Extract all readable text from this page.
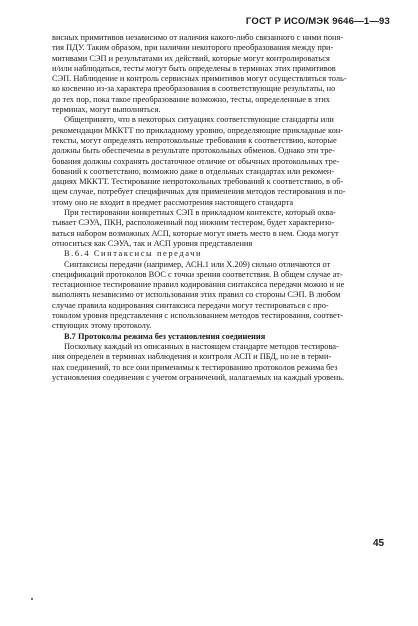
ГОСТ Р ИСО/МЭК 9646—1—93
висных примитивов независимо от наличия какого-либо связанного с ними поня-
тия ПДУ. Таким образом, при наличии некоторого преобразования между при-
митивами СЭП и результатами их действий, которые могут контролироваться
и/или наблюдаться, тесты могут быть определены в терминах этих примитивов
СЭП. Наблюдение и контроль сервисных примитивов могут осуществляться толь-
ко косвенно из-за характера преобразования в соответствующие результаты, но
до тех пор, пока такое преобразование возможно, тесты, определенные в этих
терминах, могут выполняться.
Общепринято, что в некоторых ситуациях соответствующие стандарты или
рекомендации МККТТ по прикладному уровню, определяющие прикладные кон-
тексты, могут определять непротокольные требования к соответствию, которые
должны быть обеспечены в результате протокольных обменов. Однако эти тре-
бования должны сохранять достаточное отличие от обычных протокольных тре-
бований к соответствию, возможно даже в отдельных стандартах или рекомен-
дациях МККТТ. Тестирование непротокольных требований к соответствию, в об-
щем случае, потребует специфичных для применения методов тестирования и по-
этому оно не входит в предмет рассмотрения настоящего стандарта
При тестировании конкретных СЭП в прикладном контексте, который охва-
тывает СЭУА, ПКН, расположенный под нижним тестером, будет характеризо-
ваться набором возможных АСП, которые могут иметь место в нем. Сюда могут
относиться как СЭУА, так и АСП уровня представления
В.6.4 Синтаксисы передачи
Синтаксисы передачи (например, АСН.1 или Х.209) сильно отличаются от
спецификаций протоколов ВОС с точки зрения соответствия. В общем случае ат-
тестационное тестирование правил кодирования синтаксиса передачи можно и не
выполнять независимо от использования этих правил со стороны СЭП. В любом
случае правила кодирования синтаксиса передачи могут тестироваться с про-
токолом уровня представления с использованием методов тестирования, соответ-
ствующих этому протоколу.
В.7 Протоколы режима без установления соединения
Поскольку каждый из описанных в настоящем стандарте методов тестирова-
ния определен в терминах наблюдения и контроля АСП и ПБД, но не в терми-
нах соединений, то все они применимы к тестированию протоколов режима без
установления соединения с учетом ограничений, налагаемых на каждый уровень.
45
